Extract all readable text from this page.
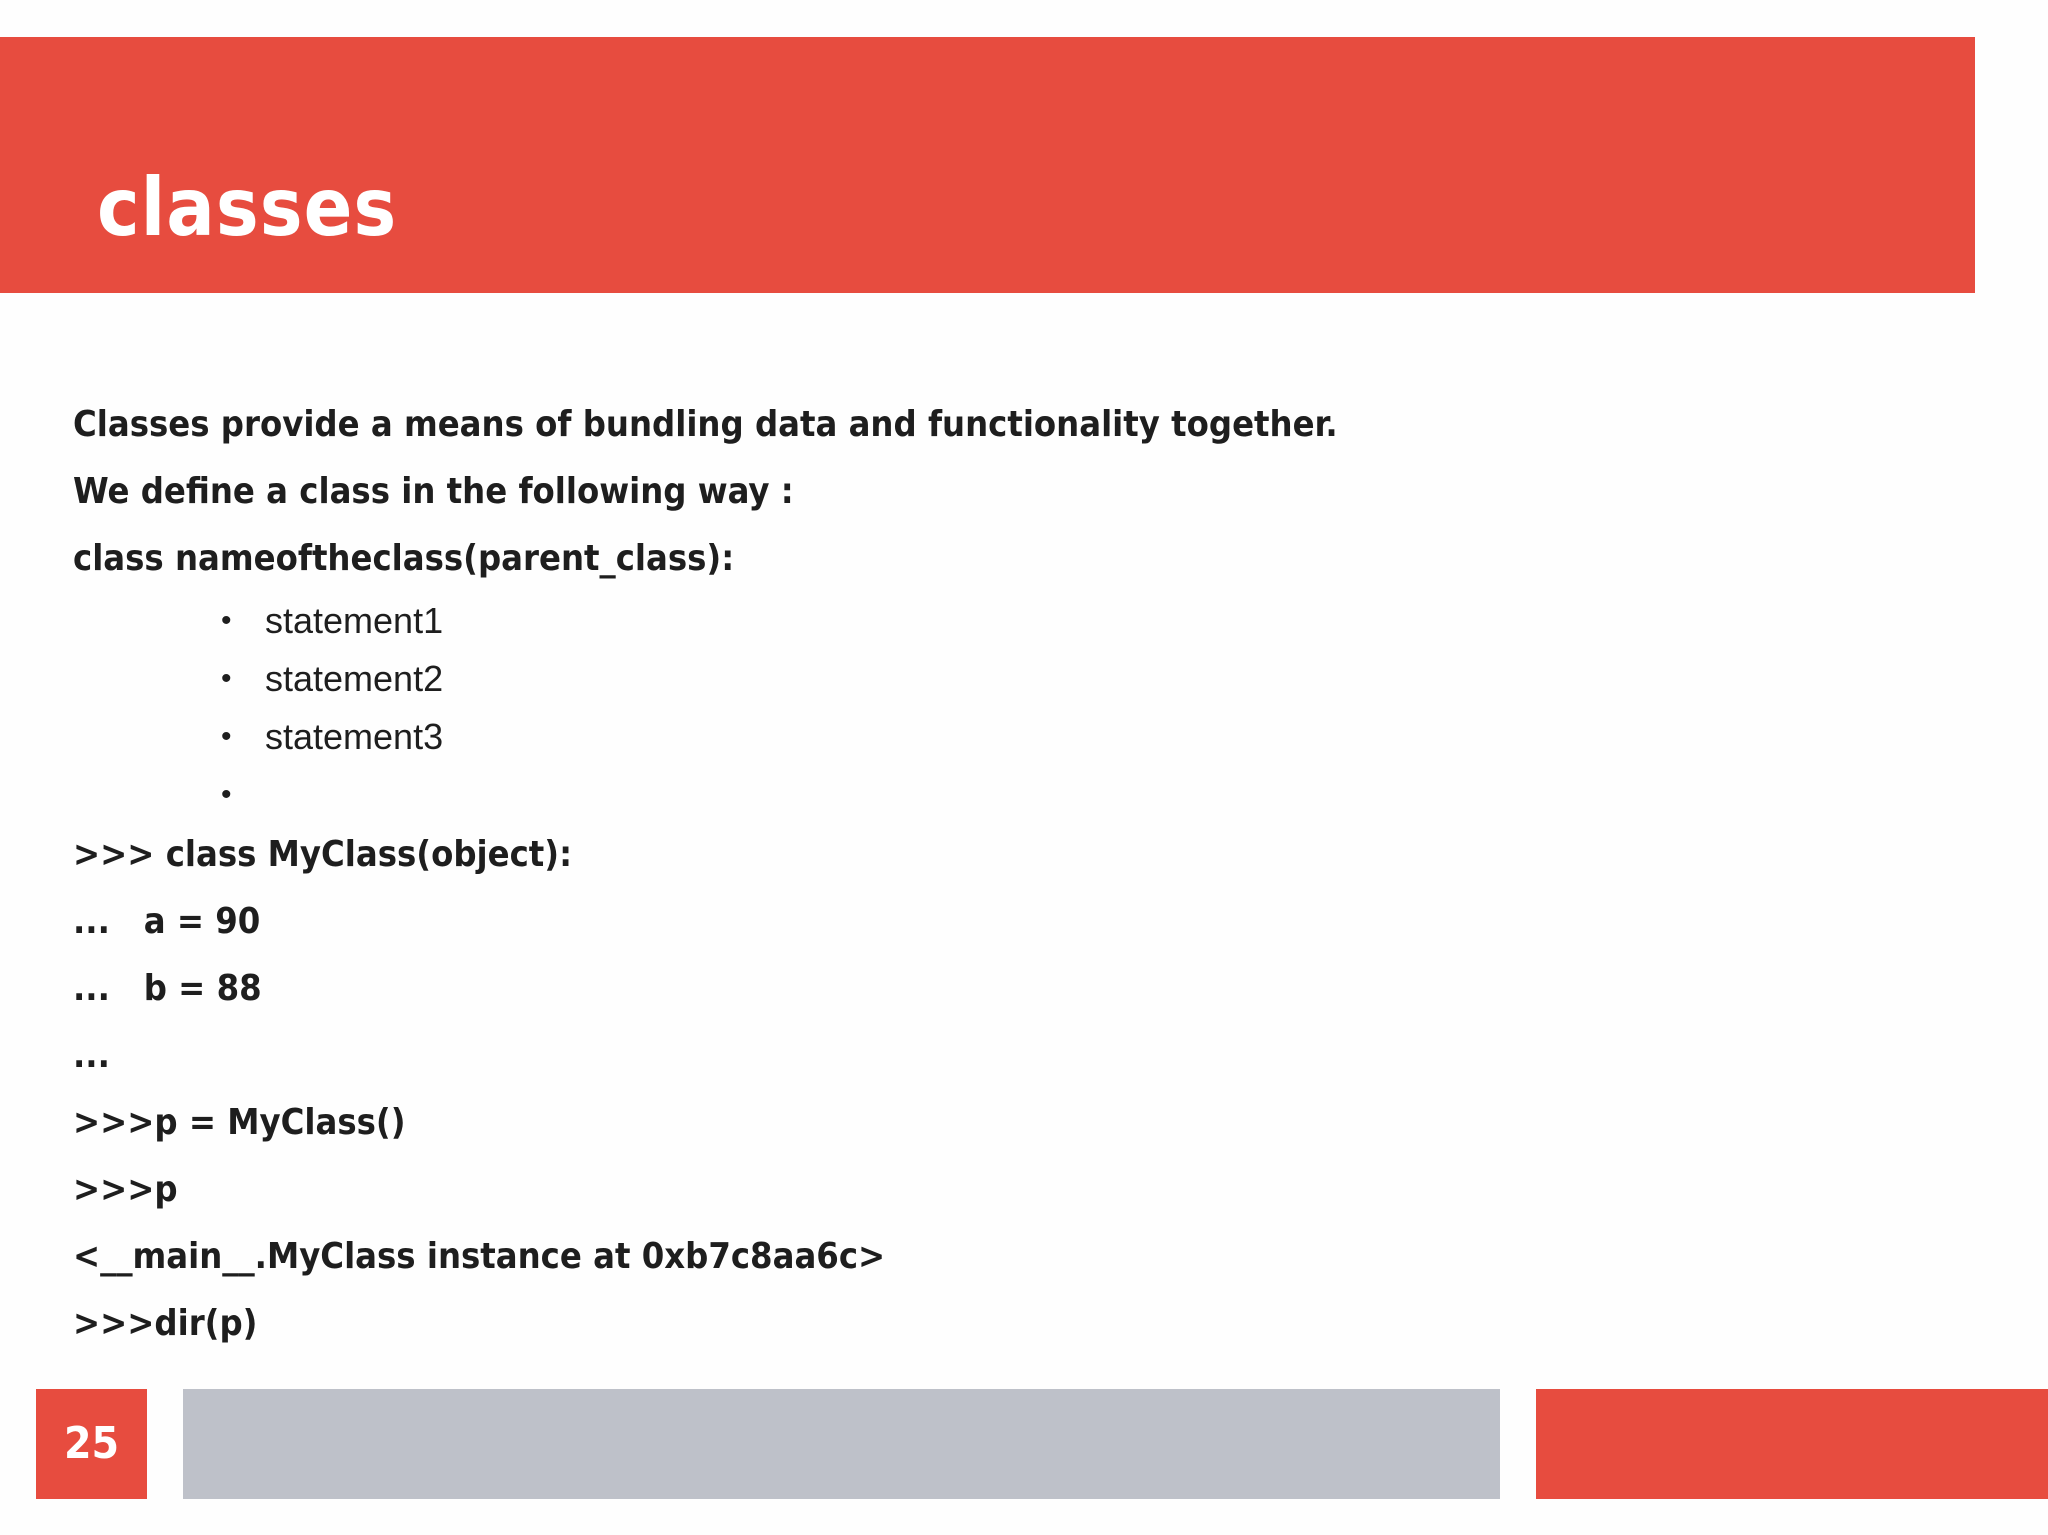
classes
Classes provide a means of bundling data and functionality together.
We define a class in the following way :
class nameoftheclass(parent_class):
• statement1
• statement2
• statement3
•
>>> class MyClass(object):
...   a = 90
...   b = 88
...
>>>p = MyClass()
>>>p
<__main__.MyClass instance at 0xb7c8aa6c>
>>>dir(p)
25
